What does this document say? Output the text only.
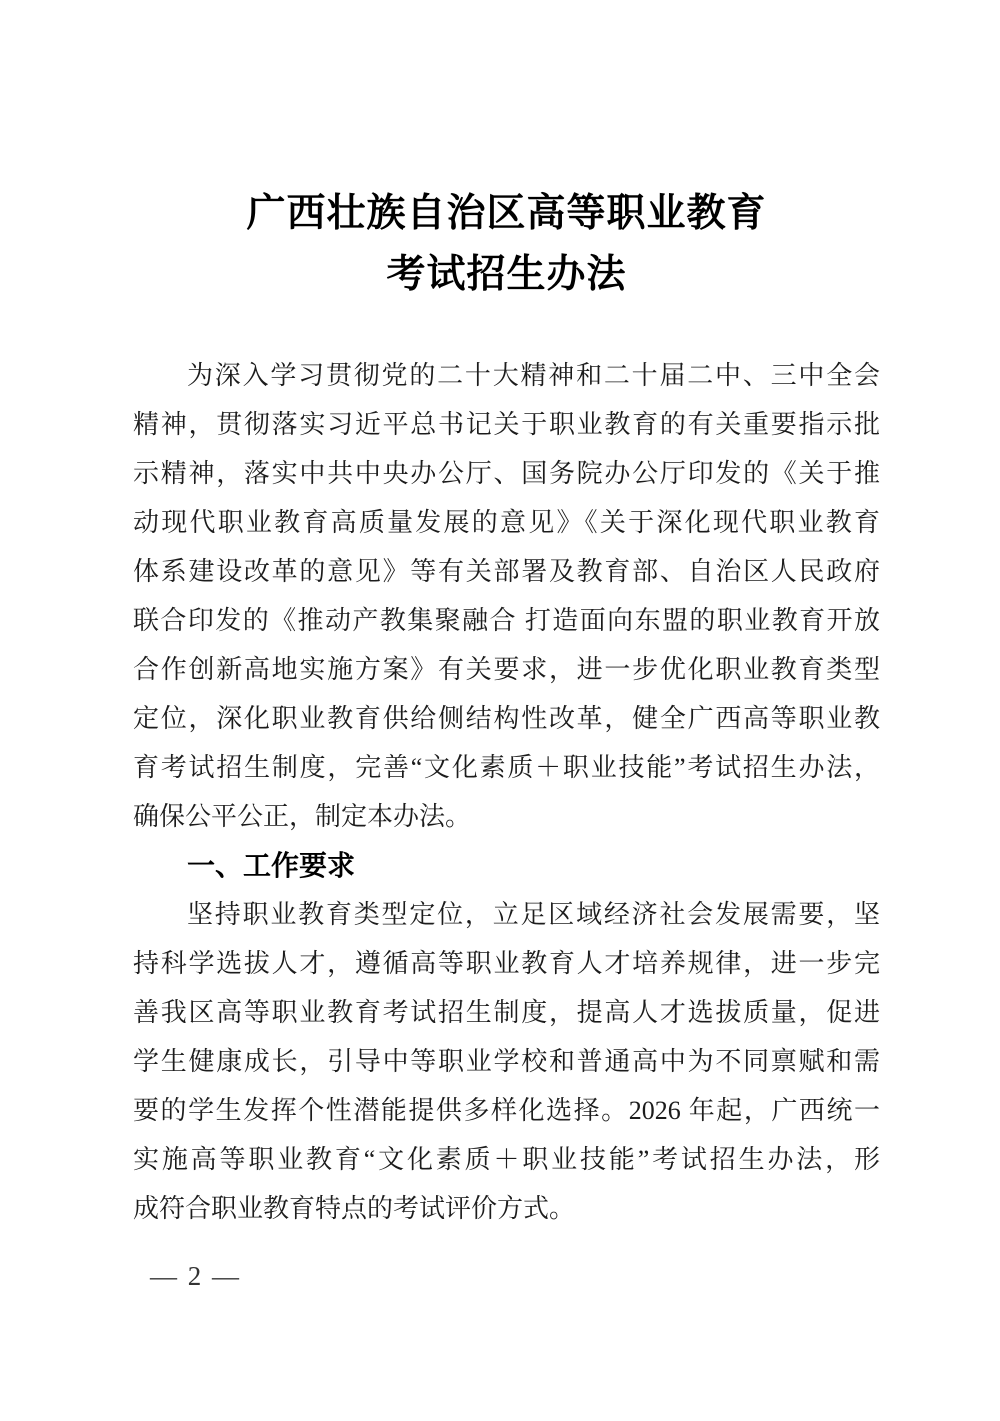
广西壮族自治区高等职业教育
考试招生办法
为深入学习贯彻党的二十大精神和二十届二中、三中全会
精神，贯彻落实习近平总书记关于职业教育的有关重要指示批
示精神，落实中共中央办公厅、国务院办公厅印发的《关于推
动现代职业教育高质量发展的意见》《关于深化现代职业教育
体系建设改革的意见》等有关部署及教育部、自治区人民政府
联合印发的《推动产教集聚融合 打造面向东盟的职业教育开放
合作创新高地实施方案》有关要求，进一步优化职业教育类型
定位，深化职业教育供给侧结构性改革，健全广西高等职业教
育考试招生制度，完善“文化素质＋职业技能”考试招生办法，
确保公平公正，制定本办法。
一、工作要求
坚持职业教育类型定位，立足区域经济社会发展需要，坚
持科学选拔人才，遵循高等职业教育人才培养规律，进一步完
善我区高等职业教育考试招生制度，提高人才选拔质量，促进
学生健康成长，引导中等职业学校和普通高中为不同禀赋和需
要的学生发挥个性潜能提供多样化选择。2026 年起，广西统一
实施高等职业教育“文化素质＋职业技能”考试招生办法，形
成符合职业教育特点的考试评价方式。
— 2 —
